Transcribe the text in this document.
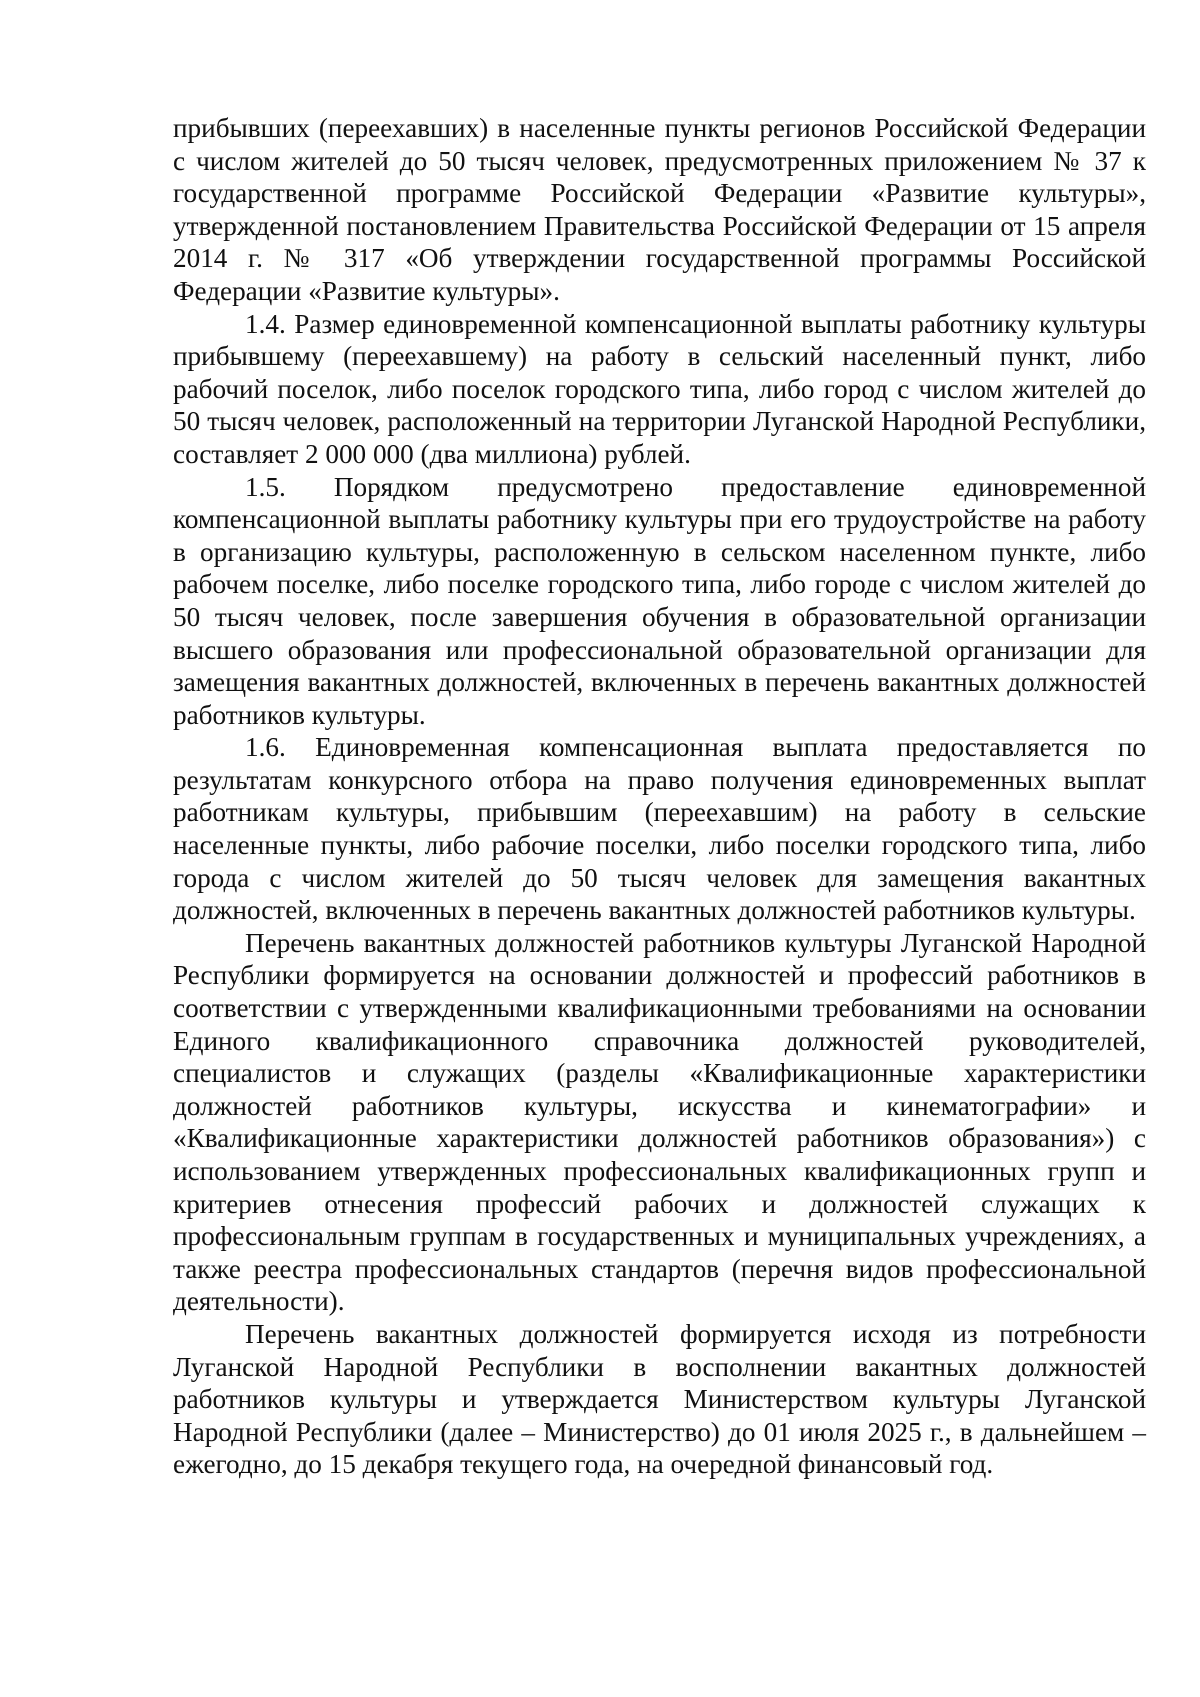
прибывших (переехавших) в населенные пункты регионов Российской Федерации с числом жителей до 50 тысяч человек, предусмотренных приложением № 37 к государственной программе Российской Федерации «Развитие культуры», утвержденной постановлением Правительства Российской Федерации от 15 апреля 2014 г. № 317 «Об утверждении государственной программы Российской Федерации «Развитие культуры».

1.4. Размер единовременной компенсационной выплаты работнику культуры прибывшему (переехавшему) на работу в сельский населенный пункт, либо рабочий поселок, либо поселок городского типа, либо город с числом жителей до 50 тысяч человек, расположенный на территории Луганской Народной Республики, составляет 2 000 000 (два миллиона) рублей.

1.5. Порядком предусмотрено предоставление единовременной компенсационной выплаты работнику культуры при его трудоустройстве на работу в организацию культуры, расположенную в сельском населенном пункте, либо рабочем поселке, либо поселке городского типа, либо городе с числом жителей до 50 тысяч человек, после завершения обучения в образовательной организации высшего образования или профессиональной образовательной организации для замещения вакантных должностей, включенных в перечень вакантных должностей работников культуры.

1.6. Единовременная компенсационная выплата предоставляется по результатам конкурсного отбора на право получения единовременных выплат работникам культуры, прибывшим (переехавшим) на работу в сельские населенные пункты, либо рабочие поселки, либо поселки городского типа, либо города с числом жителей до 50 тысяч человек для замещения вакантных должностей, включенных в перечень вакантных должностей работников культуры.

Перечень вакантных должностей работников культуры Луганской Народной Республики формируется на основании должностей и профессий работников в соответствии с утвержденными квалификационными требованиями на основании Единого квалификационного справочника должностей руководителей, специалистов и служащих (разделы «Квалификационные характеристики должностей работников культуры, искусства и кинематографии» и «Квалификационные характеристики должностей работников образования») с использованием утвержденных профессиональных квалификационных групп и критериев отнесения профессий рабочих и должностей служащих к профессиональным группам в государственных и муниципальных учреждениях, а также реестра профессиональных стандартов (перечня видов профессиональной деятельности).

Перечень вакантных должностей формируется исходя из потребности Луганской Народной Республики в восполнении вакантных должностей работников культуры и утверждается Министерством культуры Луганской Народной Республики (далее – Министерство) до 01 июля 2025 г., в дальнейшем – ежегодно, до 15 декабря текущего года, на очередной финансовый год.
